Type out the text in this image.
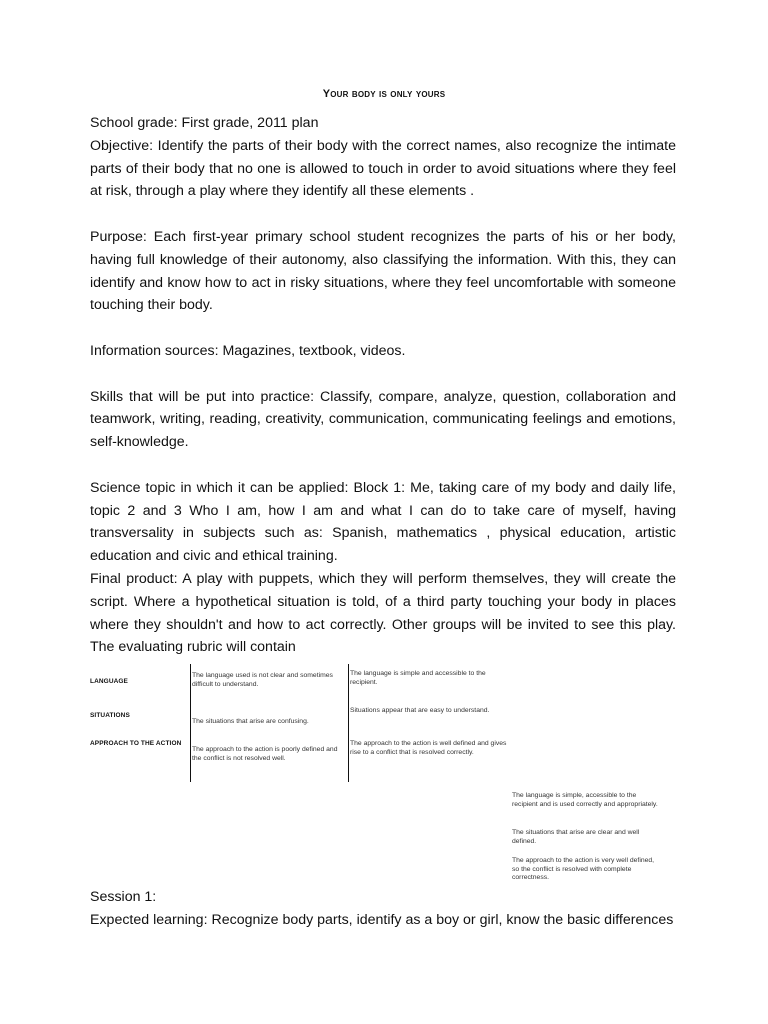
Your body is only yours

School grade: First grade, 2011 plan

Objective: Identify the parts of their body with the correct names, also recognize the intimate parts of their body that no one is allowed to touch in order to avoid situations where they feel at risk, through a play where they identify all these elements .

Purpose: Each first-year primary school student recognizes the parts of his or her body, having full knowledge of their autonomy, also classifying the information. With this, they can identify and know how to act in risky situations, where they feel uncomfortable with someone touching their body.

Information sources: Magazines, textbook, videos.

Skills that will be put into practice: Classify, compare, analyze, question, collaboration and teamwork, writing, reading, creativity, communication, communicating feelings and emotions, self-knowledge.

Science topic in which it can be applied: Block 1: Me, taking care of my body and daily life, topic 2 and 3 Who I am, how I am and what I can do to take care of myself, having transversality in subjects such as: Spanish, mathematics , physical education, artistic education and civic and ethical training.

Final product: A play with puppets, which they will perform themselves, they will create the script. Where a hypothetical situation is told, of a third party touching your body in places where they shouldn't and how to act correctly. Other groups will be invited to see this play. The evaluating rubric will contain

LANGUAGE
SITUATIONS
APPROACH TO THE ACTION
The language used is not clear and sometimes difficult to understand.
The situations that arise are confusing.
The approach to the action is poorly defined and the conflict is not resolved well.
The language is simple and accessible to the recipient.
Situations appear that are easy to understand.
The approach to the action is well defined and gives rise to a conflict that is resolved correctly.
The language is simple, accessible to the recipient and is used correctly and appropriately.
The situations that arise are clear and well defined.
The approach to the action is very well defined, so the conflict is resolved with complete correctness.

Session 1:

Expected learning: Recognize body parts, identify as a boy or girl, know the basic differences
